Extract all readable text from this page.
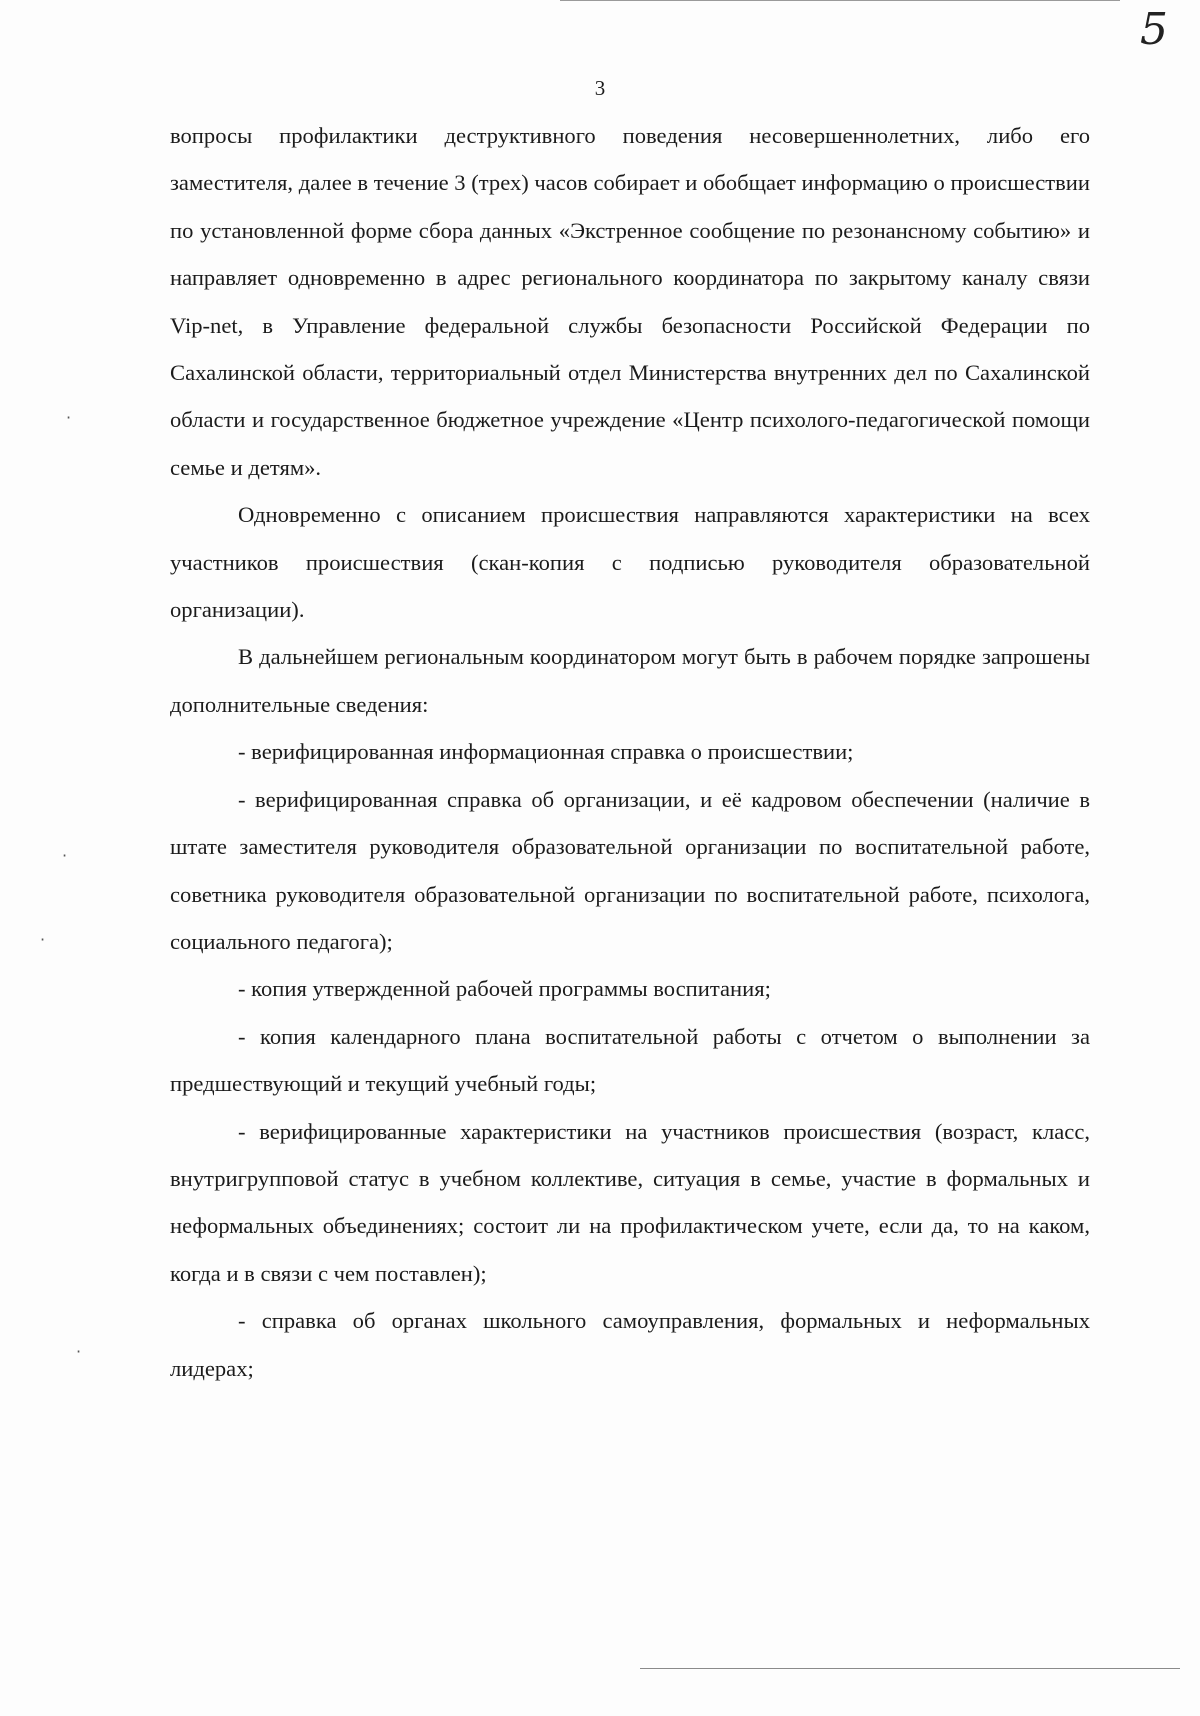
5
3

вопросы профилактики деструктивного поведения несовершеннолетних, либо его заместителя, далее в течение 3 (трех) часов собирает и обобщает информацию о происшествии по установленной форме сбора данных «Экстренное сообщение по резонансному событию» и направляет одновременно в адрес регионального координатора по закрытому каналу связи Vip-net, в Управление федеральной службы безопасности Российской Федерации по Сахалинской области, территориальный отдел Министерства внутренних дел по Сахалинской области и государственное бюджетное учреждение «Центр психолого-педагогической помощи семье и детям».

Одновременно с описанием происшествия направляются характеристики на всех участников происшествия (скан-копия с подписью руководителя образовательной организации).

В дальнейшем региональным координатором могут быть в рабочем порядке запрошены дополнительные сведения:

- верифицированная информационная справка о происшествии;

- верифицированная справка об организации, и её кадровом обеспечении (наличие в штате заместителя руководителя образовательной организации по воспитательной работе, советника руководителя образовательной организации по воспитательной работе, психолога, социального педагога);

- копия утвержденной рабочей программы воспитания;

- копия календарного плана воспитательной работы с отчетом о выполнении за предшествующий и текущий учебный годы;

- верифицированные характеристики на участников происшествия (возраст, класс, внутригрупповой статус в учебном коллективе, ситуация в семье, участие в формальных и неформальных объединениях; состоит ли на профилактическом учете, если да, то на каком, когда и в связи с чем поставлен);

- справка об органах школьного самоуправления, формальных и неформальных лидерах;

·
·
·
·
